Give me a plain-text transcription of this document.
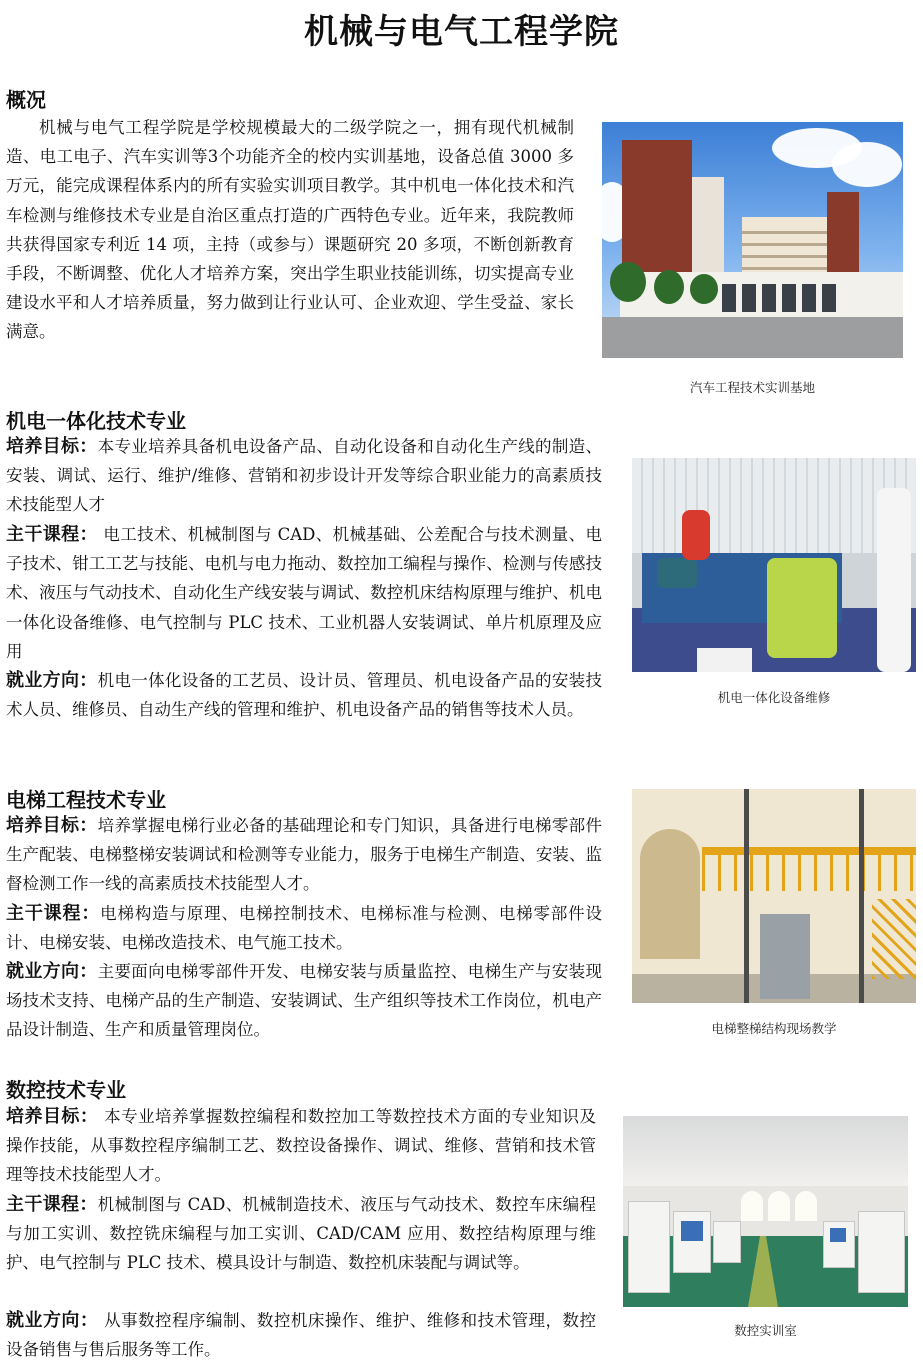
机械与电气工程学院
概况

机械与电气工程学院是学校规模最大的二级学院之一，拥有现代机械制造、电工电子、汽车实训等3个功能齐全的校内实训基地，设备总值 3000 多万元，能完成课程体系内的所有实验实训项目教学。其中机电一体化技术和汽车检测与维修技术专业是自治区重点打造的广西特色专业。近年来，我院教师共获得国家专利近 14 项，主持（或参与）课题研究 20 多项，不断创新教育手段，不断调整、优化人才培养方案，突出学生职业技能训练，切实提高专业建设水平和人才培养质量，努力做到让行业认可、企业欢迎、学生受益、家长满意。

汽车工程技术实训基地
机电一体化技术专业

培养目标：本专业培养具备机电设备产品、自动化设备和自动化生产线的制造、安装、调试、运行、维护/维修、营销和初步设计开发等综合职业能力的高素质技术技能型人才

主干课程： 电工技术、机械制图与 CAD、机械基础、公差配合与技术测量、电子技术、钳工工艺与技能、电机与电力拖动、数控加工编程与操作、检测与传感技术、液压与气动技术、自动化生产线安装与调试、数控机床结构原理与维护、机电一体化设备维修、电气控制与 PLC 技术、工业机器人安装调试、单片机原理及应用

就业方向：机电一体化设备的工艺员、设计员、管理员、机电设备产品的安装技术人员、维修员、自动生产线的管理和维护、机电设备产品的销售等技术人员。

机电一体化设备维修
电梯工程技术专业

培养目标：培养掌握电梯行业必备的基础理论和专门知识，具备进行电梯零部件生产配装、电梯整梯安装调试和检测等专业能力，服务于电梯生产制造、安装、监督检测工作一线的高素质技术技能型人才。

主干课程：电梯构造与原理、电梯控制技术、电梯标准与检测、电梯零部件设计、电梯安装、电梯改造技术、电气施工技术。

就业方向：主要面向电梯零部件开发、电梯安装与质量监控、电梯生产与安装现场技术支持、电梯产品的生产制造、安装调试、生产组织等技术工作岗位，机电产品设计制造、生产和质量管理岗位。	电梯整梯结构现场教学
数控技术专业

培养目标： 本专业培养掌握数控编程和数控加工等数控技术方面的专业知识及操作技能，从事数控程序编制工艺、数控设备操作、调试、维修、营销和技术管理等技术技能型人才。

主干课程：机械制图与 CAD、机械制造技术、液压与气动技术、数控车床编程与加工实训、数控铣床编程与加工实训、CAD/CAM 应用、数控结构原理与维护、电气控制与 PLC 技术、模具设计与制造、数控机床装配与调试等。

就业方向： 从事数控程序编制、数控机床操作、维护、维修和技术管理，数控设备销售与售后服务等工作。

数控实训室
